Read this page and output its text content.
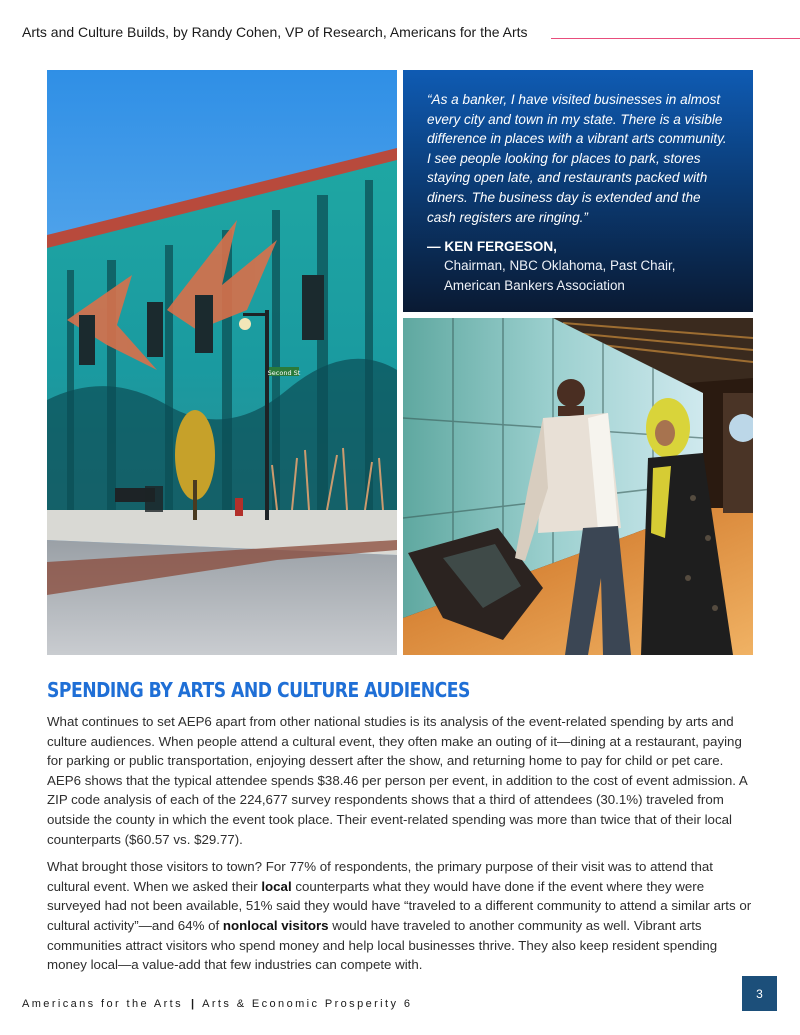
Arts and Culture Builds, by Randy Cohen, VP of Research, Americans for the Arts
Second St

“As a banker, I have visited businesses in almost every city and town in my state. There is a visible difference in places with a vibrant arts community. I see people looking for places to park, stores staying open late, and restaurants packed with diners. The business day is extended and the cash registers are ringing.”

— KEN FERGESON,
Chairman, NBC Oklahoma, Past Chair,
American Bankers Association
SPENDING BY ARTS AND CULTURE AUDIENCES

What continues to set AEP6 apart from other national studies is its analysis of the event-related spending by arts and culture audiences. When people attend a cultural event, they often make an outing of it—dining at a restaurant, paying for parking or public transportation, enjoying dessert after the show, and returning home to pay for child or pet care. AEP6 shows that the typical attendee spends $38.46 per person per event, in addition to the cost of event admission. A ZIP code analysis of each of the 224,677 survey respondents shows that a third of attendees (30.1%) traveled from outside the county in which the event took place. Their event-related spending was more than twice that of their local counterparts ($60.57 vs. $29.77).

What brought those visitors to town? For 77% of respondents, the primary purpose of their visit was to attend that cultural event. When we asked their local counterparts what they would have done if the event where they were surveyed had not been available, 51% said they would have “traveled to a different community to attend a similar arts or cultural activity”—and 64% of nonlocal visitors would have traveled to another community as well. Vibrant arts communities attract visitors who spend money and help local businesses thrive. They also keep resident spending money local—a value-add that few industries can compete with.

Americans for the Arts | Arts & Economic Prosperity 6
3
